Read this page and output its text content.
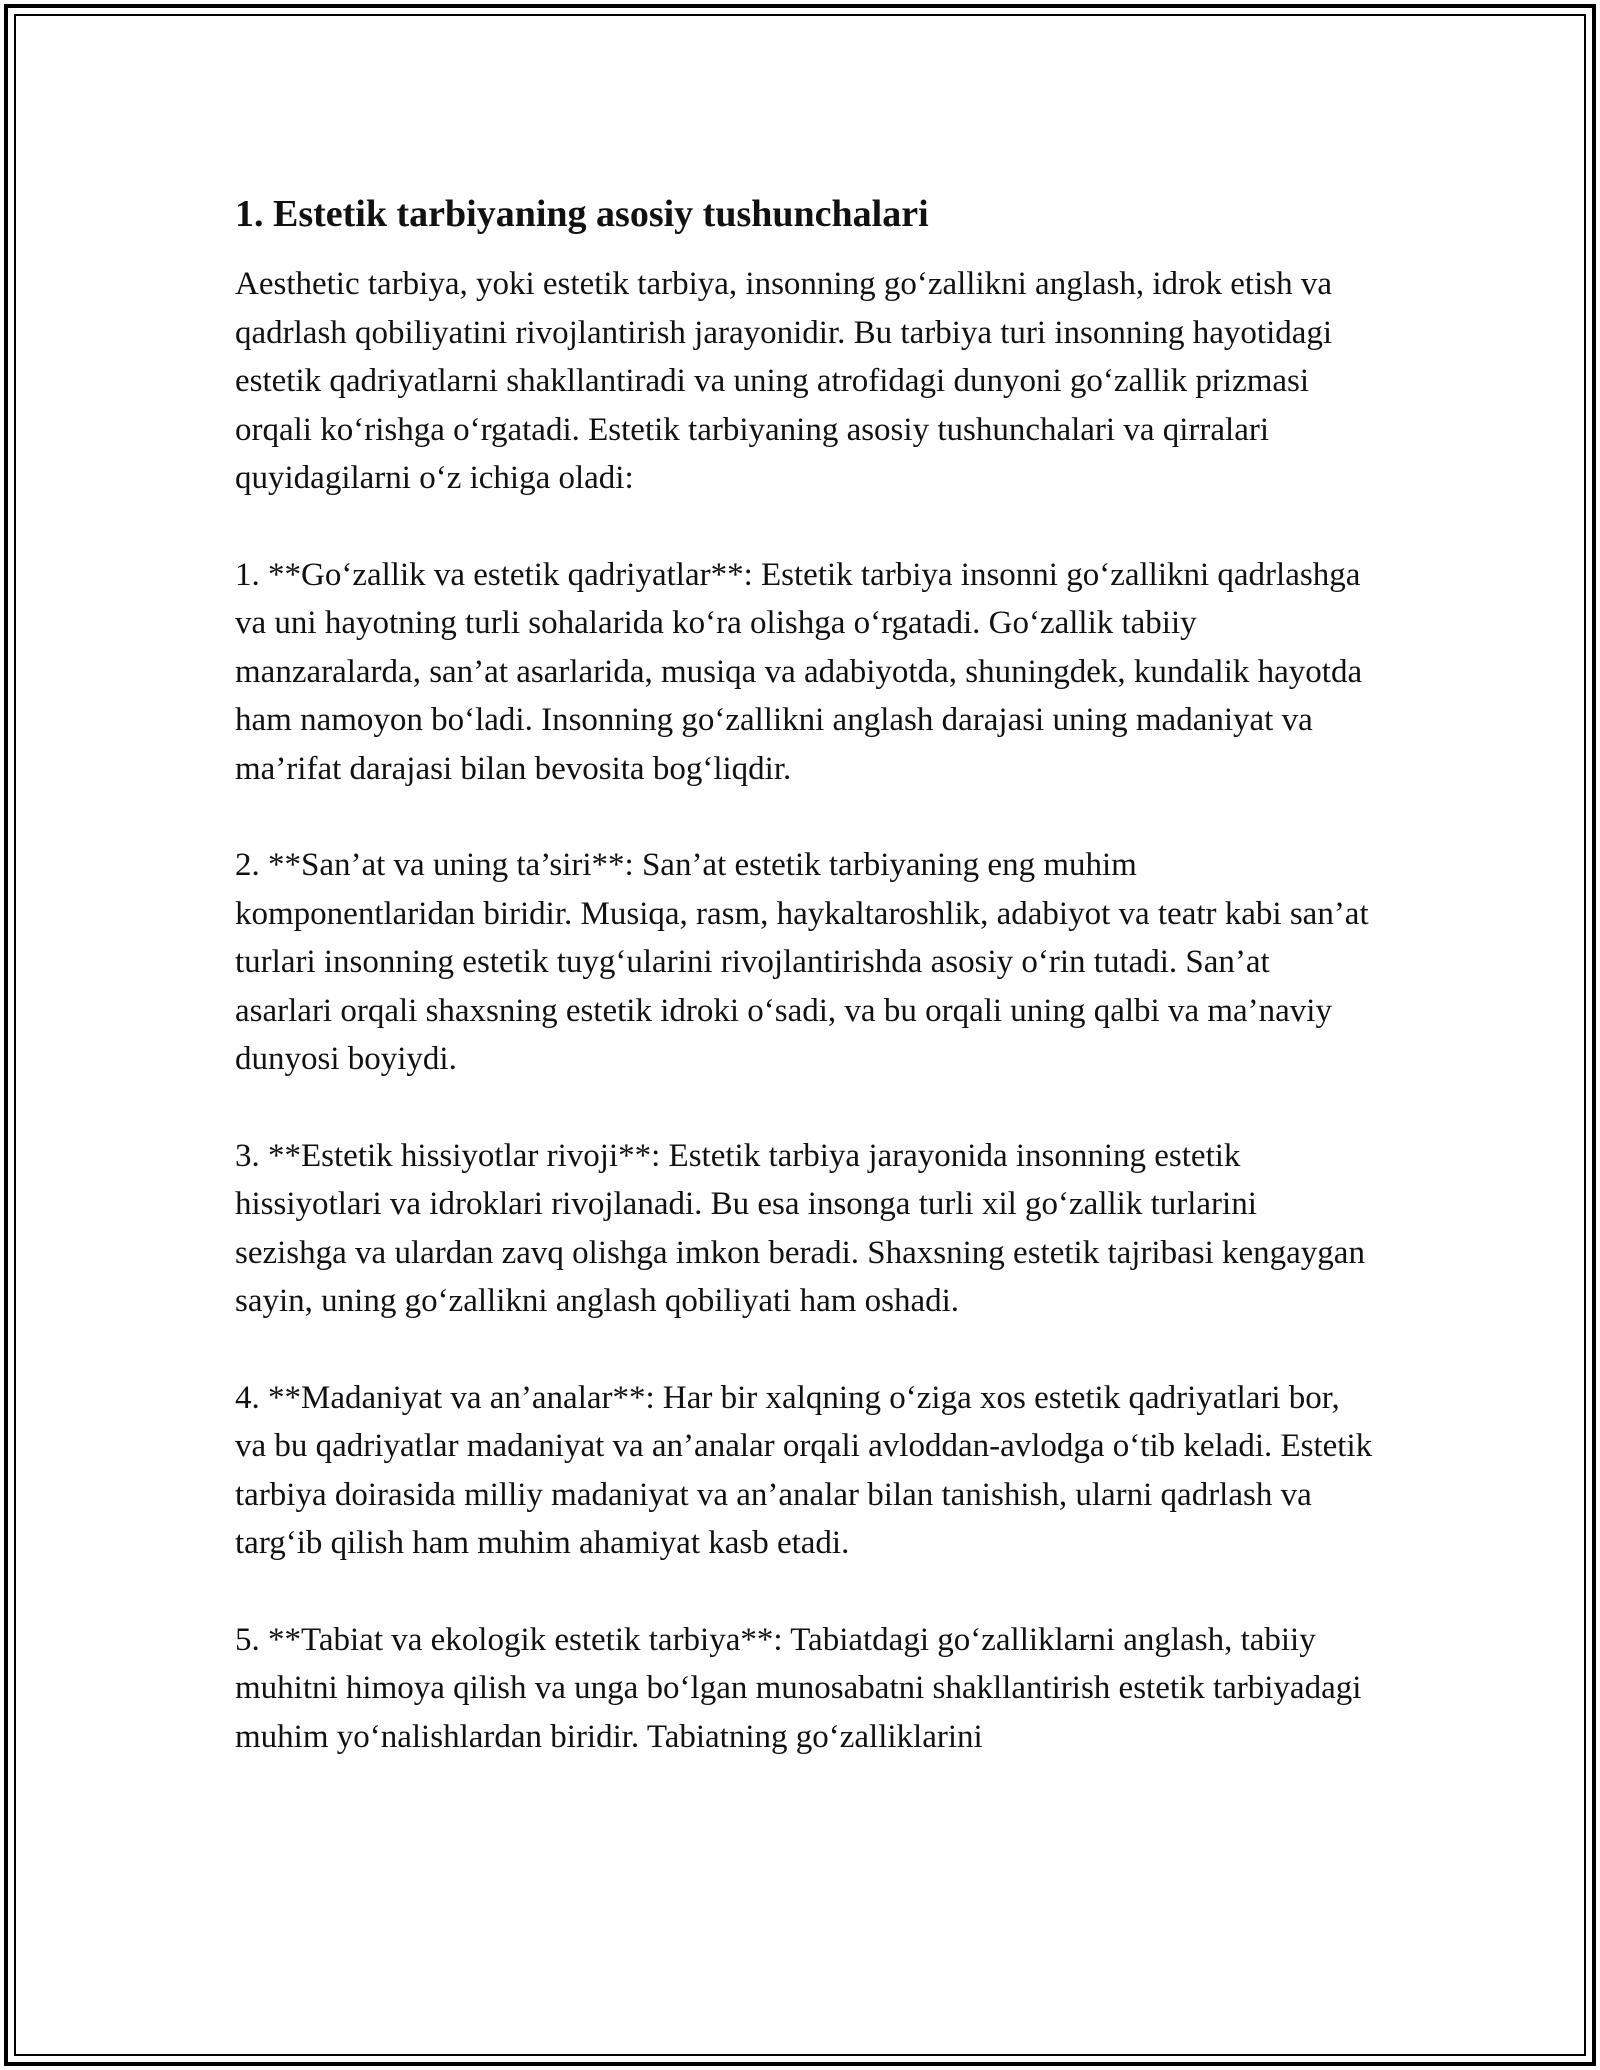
1. Estetik tarbiyaning asosiy tushunchalari

Aesthetic tarbiya, yoki estetik tarbiya, insonning goʻzallikni anglash, idrok etish va qadrlash qobiliyatini rivojlantirish jarayonidir. Bu tarbiya turi insonning hayotidagi estetik qadriyatlarni shakllantiradi va uning atrofidagi dunyoni goʻzallik prizmasi orqali koʻrishga oʻrgatadi. Estetik tarbiyaning asosiy tushunchalari va qirralari quyidagilarni oʻz ichiga oladi:

1. **Goʻzallik va estetik qadriyatlar**: Estetik tarbiya insonni goʻzallikni qadrlashga va uni hayotning turli sohalarida koʻra olishga oʻrgatadi. Goʻzallik tabiiy manzaralarda, san’at asarlarida, musiqa va adabiyotda, shuningdek, kundalik hayotda ham namoyon boʻladi. Insonning goʻzallikni anglash darajasi uning madaniyat va ma’rifat darajasi bilan bevosita bogʻliqdir.

2. **San’at va uning ta’siri**: San’at estetik tarbiyaning eng muhim komponentlaridan biridir. Musiqa, rasm, haykaltaroshlik, adabiyot va teatr kabi san’at turlari insonning estetik tuygʻularini rivojlantirishda asosiy oʻrin tutadi. San’at asarlari orqali shaxsning estetik idroki oʻsadi, va bu orqali uning qalbi va ma’naviy dunyosi boyiydi.

3. **Estetik hissiyotlar rivoji**: Estetik tarbiya jarayonida insonning estetik hissiyotlari va idroklari rivojlanadi. Bu esa insonga turli xil goʻzallik turlarini sezishga va ulardan zavq olishga imkon beradi. Shaxsning estetik tajribasi kengaygan sayin, uning goʻzallikni anglash qobiliyati ham oshadi.

4. **Madaniyat va an’analar**: Har bir xalqning oʻziga xos estetik qadriyatlari bor, va bu qadriyatlar madaniyat va an’analar orqali avloddan-avlodga oʻtib keladi. Estetik tarbiya doirasida milliy madaniyat va an’analar bilan tanishish, ularni qadrlash va targʻib qilish ham muhim ahamiyat kasb etadi.

5. **Tabiat va ekologik estetik tarbiya**: Tabiatdagi goʻzalliklarni anglash, tabiiy muhitni himoya qilish va unga boʻlgan munosabatni shakllantirish estetik tarbiyadagi muhim yoʻnalishlardan biridir. Tabiatning goʻzalliklarini
